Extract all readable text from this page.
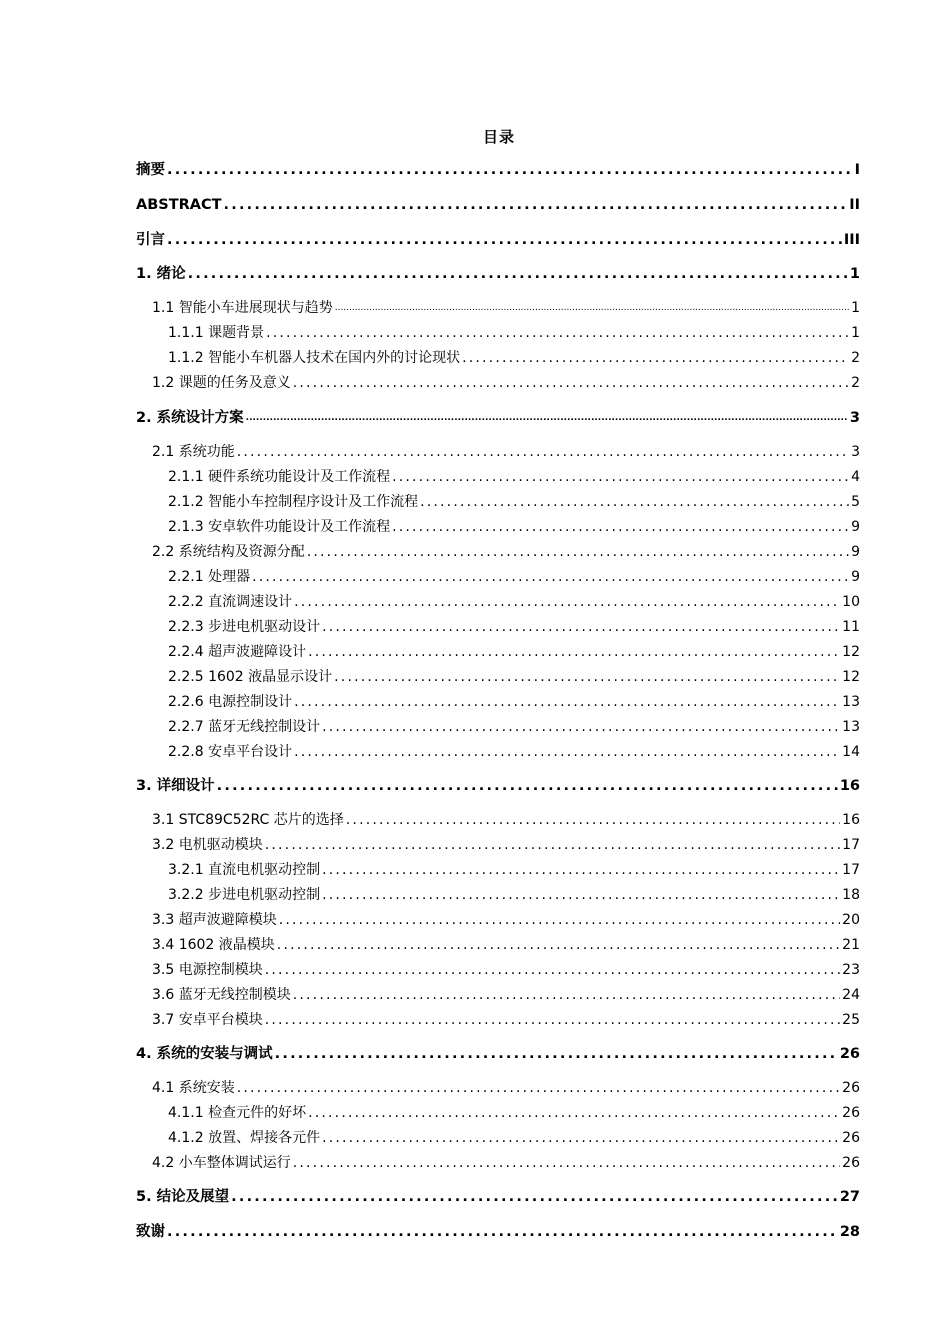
目录
摘要 .....	I
ABSTRACT .....	II
引言 .....	III
1. 绪论 .....	1
1.1 智能小车进展现状与趋势 .....	1
1.1.1 课题背景 .....	1
1.1.2 智能小车机器人技术在国内外的讨论现状 .....	2
1.2 课题的任务及意义 .....	2
2. 系统设计方案 .....	3
2.1 系统功能 .....	3
2.1.1 硬件系统功能设计及工作流程 .....	4
2.1.2 智能小车控制程序设计及工作流程 .....	5
2.1.3 安卓软件功能设计及工作流程 .....	9
2.2 系统结构及资源分配 .....	9
2.2.1 处理器 .....	9
2.2.2 直流调速设计 .....	10
2.2.3 步进电机驱动设计 .....	11
2.2.4 超声波避障设计 .....	12
2.2.5 1602 液晶显示设计 .....	12
2.2.6 电源控制设计 .....	13
2.2.7 蓝牙无线控制设计 .....	13
2.2.8 安卓平台设计 .....	14
3. 详细设计 .....	16
3.1 STC89C52RC 芯片的选择 .....	16
3.2 电机驱动模块 .....	17
3.2.1 直流电机驱动控制 .....	17
3.2.2 步进电机驱动控制 .....	18
3.3 超声波避障模块 .....	20
3.4 1602 液晶模块 .....	21
3.5 电源控制模块 .....	23
3.6 蓝牙无线控制模块 .....	24
3.7 安卓平台模块 .....	25
4. 系统的安装与调试 .....	26
4.1 系统安装 .....	26
4.1.1 检查元件的好坏 .....	26
4.1.2 放置、焊接各元件 .....	26
4.2 小车整体调试运行 .....	26
5. 结论及展望 .....	27
致谢 .....	28
